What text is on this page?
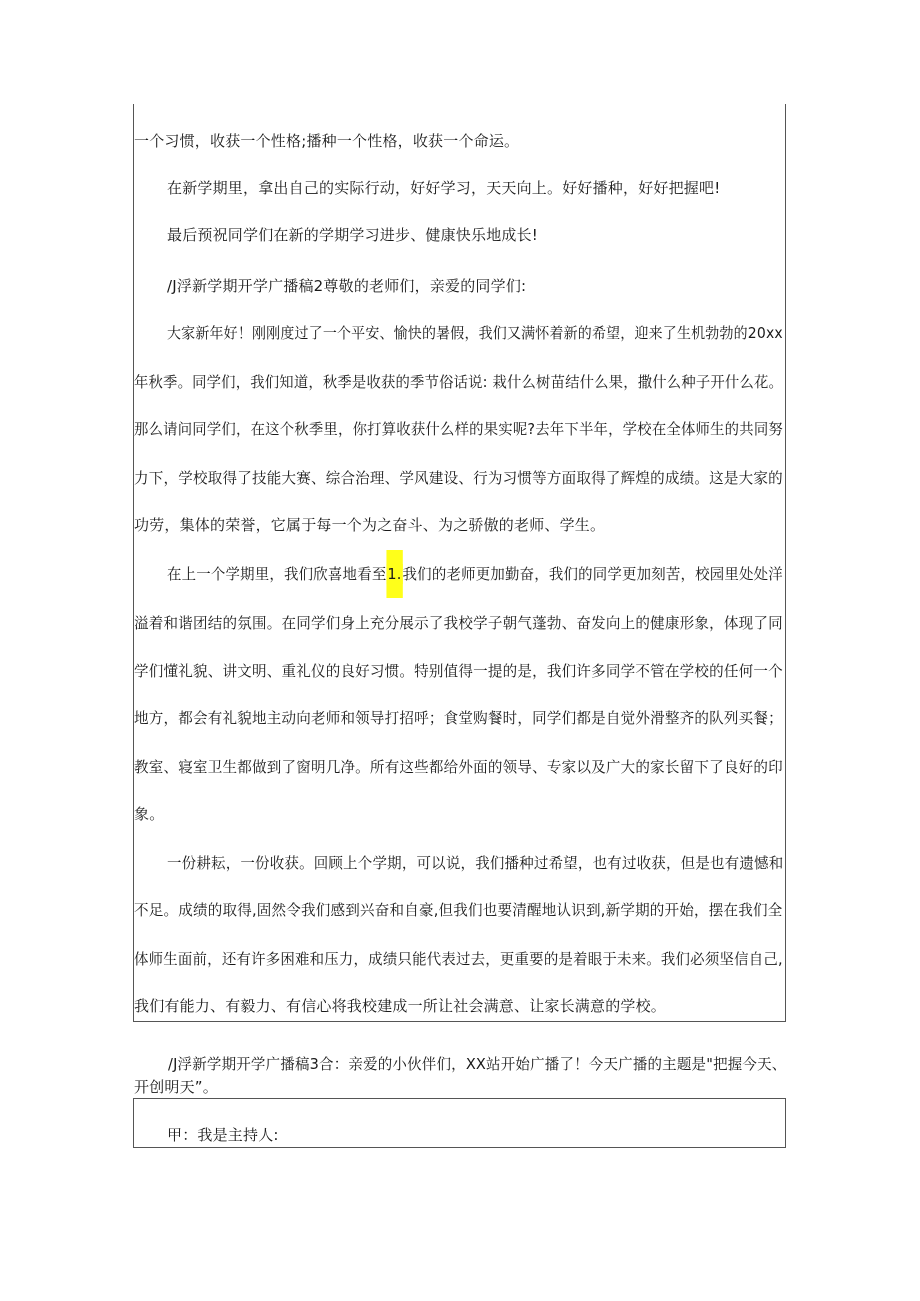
一个习惯，收获一个性格;播种一个性格，收获一个命运。
在新学期里，拿出自己的实际行动，好好学习，天天向上。好好播种，好好把握吧!
最后预祝同学们在新的学期学习进步、健康快乐地成长!
/J浮新学期开学广播稿2尊敬的老师们，亲爱的同学们:
大家新年好！刚刚度过了一个平安、愉快的暑假，我们又满怀着新的希望，迎来了生机勃勃的20xx
年秋季。同学们，我们知道，秋季是收获的季节俗话说: 栽什么树苗结什么果，撒什么种子开什么花。
那么请问同学们，在这个秋季里，你打算收获什么样的果实呢?去年下半年，学校在全体师生的共同努
力下，学校取得了技能大赛、综合治理、学风建设、行为习惯等方面取得了辉煌的成绩。这是大家的
功劳，集体的荣誉，它属于每一个为之奋斗、为之骄傲的老师、学生。
在上一个学期里，我们欣喜地看至1.我们的老师更加勤奋，我们的同学更加刻苦，校园里处处洋
溢着和谐团结的氛围。在同学们身上充分展示了我校学子朝气蓬勃、奋发向上的健康形象，体现了同
学们懂礼貌、讲文明、重礼仪的良好习惯。特别值得一提的是，我们许多同学不管在学校的任何一个
地方，都会有礼貌地主动向老师和领导打招呼；食堂购餐时，同学们都是自觉外滑整齐的队列买餐；
教室、寝室卫生都做到了窗明几净。所有这些都给外面的领导、专家以及广大的家长留下了良好的印
象。
一份耕耘，一份收获。回顾上个学期，可以说，我们播种过希望，也有过收获，但是也有遗憾和
不足。成绩的取得,固然令我们感到兴奋和自豪,但我们也要清醒地认识到,新学期的开始，摆在我们全
体师生面前，还有许多困难和压力，成绩只能代表过去，更重要的是着眼于未来。我们必须坚信自己,
我们有能力、有毅力、有信心将我校建成一所让社会满意、让家长满意的学校。
/J浮新学期开学广播稿3合：亲爱的小伙伴们，XX站开始广播了！今天广播的主题是"把握今天、
开创明天”。
甲：我是主持人:
